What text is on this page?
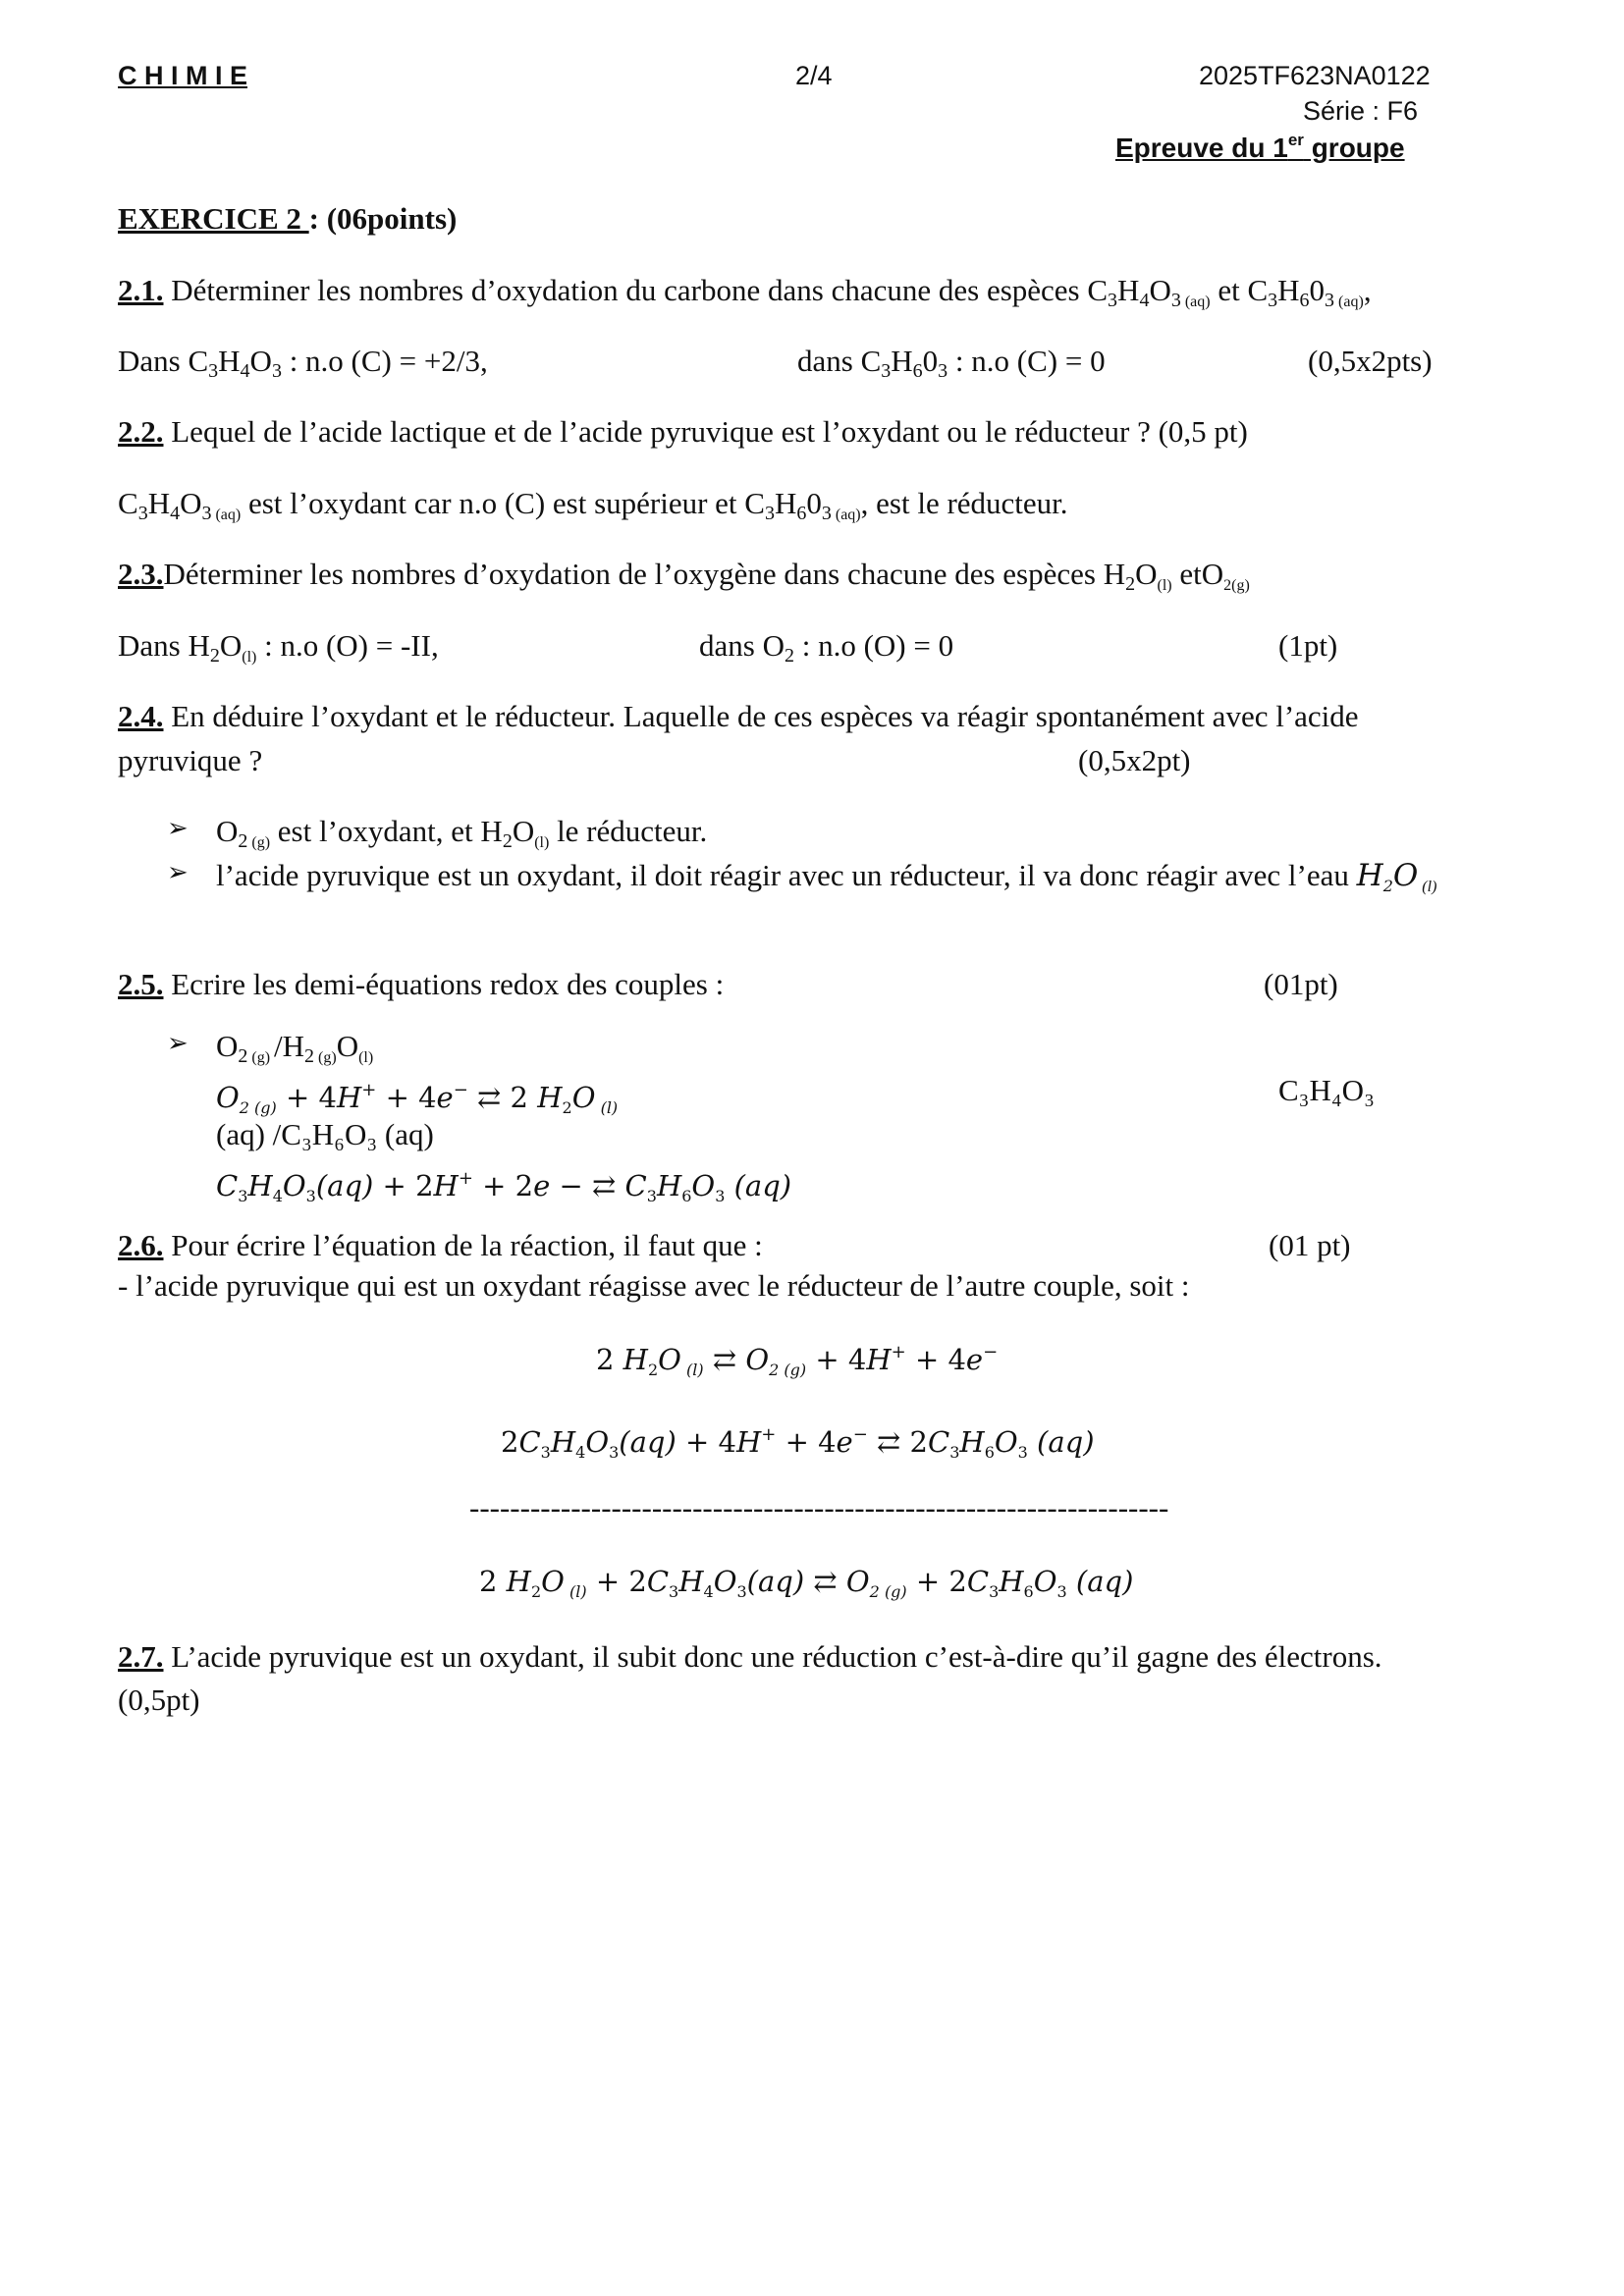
C H I M I E	2/4	2025TF623NA0122
Série : F6
Epreuve du 1er groupe
EXERCICE 2 : (06points)
2.1. Déterminer les nombres d’oxydation du carbone dans chacune des espèces $C_3H_4O_3$ (aq) et $C_3H_60_3$ (aq),
Dans $C_3H_4O_3$ : n.o (C) = +2/3,	dans $C_3H_60_3$ : n.o (C) = 0	(0,5x2pts)
2.2. Lequel de l’acide lactique et de l’acide pyruvique est l’oxydant ou le réducteur ? (0,5 pt)
$C_3H_4O_3$ (aq) est l’oxydant car n.o (C) est supérieur et $C_3H_60_3$ (aq), est le réducteur.
2.3.Déterminer les nombres d’oxydation de l’oxygène dans chacune des espèces $H_2O(l)$ etO2(g)
Dans $H_2O(l)$ : n.o (O) = -II,	dans $O_2$ : n.o (O) = 0	(1pt)
2.4. En déduire l’oxydant et le réducteur. Laquelle de ces espèces va réagir spontanément avec l’acide
pyruvique ?	(0,5x2pt)
➢ $O_2$ (g) est l’oxydant, et $H_2O(l)$ le réducteur.
➢ l’acide pyruvique est un oxydant, il doit réagir avec un réducteur, il va donc réagir avec l’eau H2O (l)
2.5. Ecrire les demi-équations redox des couples :	(01pt)
➢ $O_2$ (g) $/H_2$ (g)O(l)
$O_{2 (g)} + 4H^+ + 4e^-$ ⇄ 2 $H_2O$ $_{(l)}$
C₃H₄O₃
(aq) /C₃H₆O₃ (aq)
$C_3H_4O_3(aq) + 2H^+ + 2e$ − ⇄ $C_3H_6O_3$ (aq)
2.6. Pour écrire l’équation de la réaction, il faut que :	(01 pt)
- l’acide pyruvique qui est un oxydant réagisse avec le réducteur de l’autre couple, soit :
2 $H_2O$ $_{(l)}$ ⇄ $O_{2 (g)} + 4H^+ + 4e^-$
$2C_3H_4O_3(aq) + 4H^+ + 4e^-$ ⇄ $2C_3H_6O_3$ (aq)
---------------------------------------------------------------------
2 $H_2O$ $_{(l)} + 2C_3H_4O_3(aq)$ ⇄ $O_{2 (g)} + 2C_3H_6O_3$ (aq)
2.7. L’acide pyruvique est un oxydant, il subit donc une réduction c’est-à-dire qu’il gagne des électrons.
(0,5pt)
